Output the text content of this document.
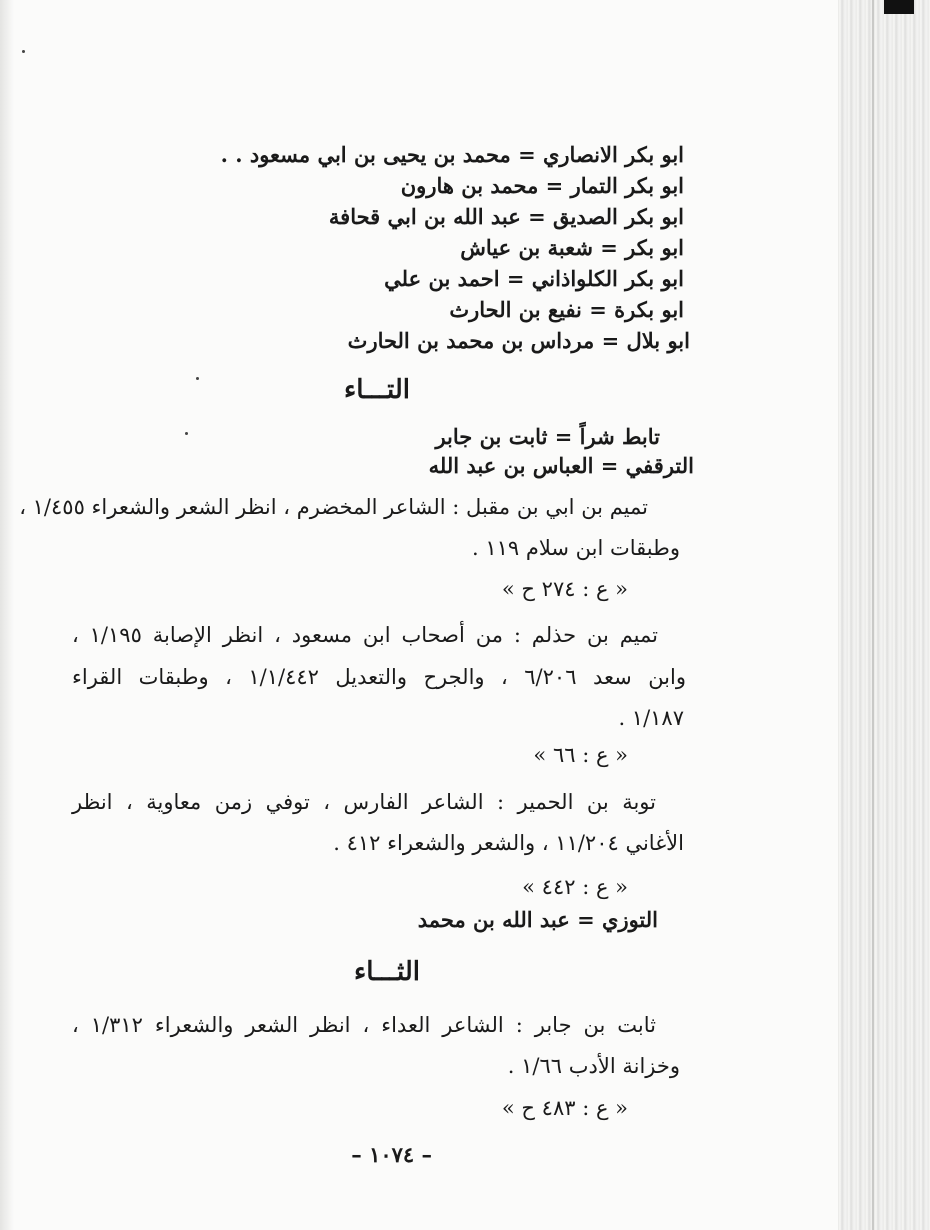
ابو بكر الانصاري = محمد بن يحيى بن ابي مسعود . .
ابو بكر التمار = محمد بن هارون
ابو بكر الصديق = عبد الله بن ابي قحافة
ابو بكر = شعبة بن عياش
ابو بكر الكلواذاني = احمد بن علي
ابو بكرة = نفيع بن الحارث
ابو بلال = مرداس بن محمد بن الحارث
التـــاء
تابط شراً = ثابت بن جابر
الترقفي = العباس بن عبد الله
تميم بن ابي بن مقبل : الشاعر المخضرم ، انظر الشعر والشعراء ١/٤٥٥ ،
وطبقات ابن سلام ١١٩ .
« ع : ٢٧٤ ح »
تميم بن حذلم : من أصحاب ابن مسعود ، انظر الإصابة ١/١٩٥ ،
وابن سعد ٦/٢٠٦ ، والجرح والتعديل ١/١/٤٤٢ ، وطبقات القراء
١/١٨٧ .
« ع : ٦٦ »
توبة بن الحمير : الشاعر الفارس ، توفي زمن معاوية ، انظر
الأغاني ١١/٢٠٤ ، والشعر والشعراء ٤١٢ .
« ع : ٤٤٢ »
التوزي = عبد الله بن محمد
الثـــاء
ثابت بن جابر : الشاعر العداء ، انظر الشعر والشعراء ١/٣١٢ ،
وخزانة الأدب ١/٦٦ .
« ع : ٤٨٣ ح »
– ١٠٧٤ –
